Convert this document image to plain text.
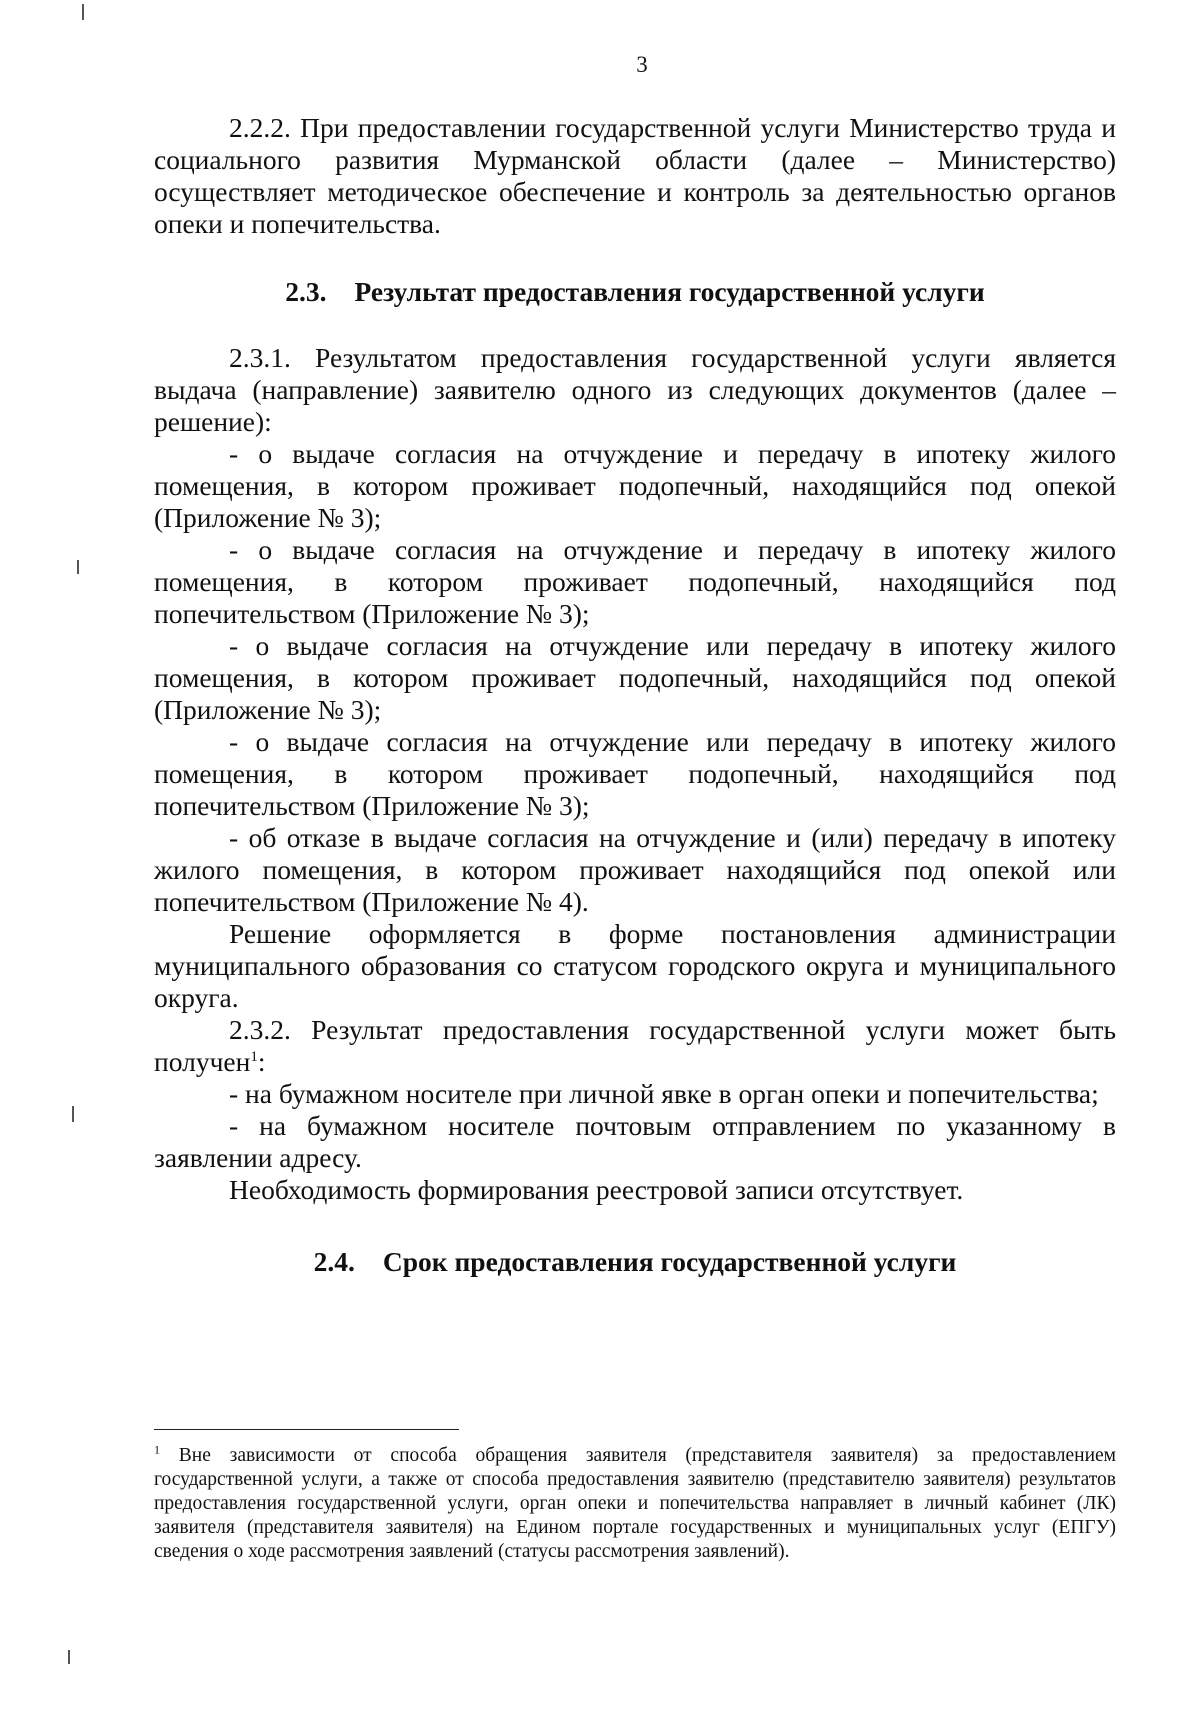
3

2.2.2. При предоставлении государственной услуги Министерство труда и социального развития Мурманской области (далее – Министерство) осуществляет методическое обеспечение и контроль за деятельностью органов опеки и попечительства.

2.3. Результат предоставления государственной услуги

2.3.1. Результатом предоставления государственной услуги является выдача (направление) заявителю одного из следующих документов (далее – решение):

- о выдаче согласия на отчуждение и передачу в ипотеку жилого помещения, в котором проживает подопечный, находящийся под опекой (Приложение № 3);

- о выдаче согласия на отчуждение и передачу в ипотеку жилого помещения, в котором проживает подопечный, находящийся под попечительством (Приложение № 3);

- о выдаче согласия на отчуждение или передачу в ипотеку жилого помещения, в котором проживает подопечный, находящийся под опекой (Приложение № 3);

- о выдаче согласия на отчуждение или передачу в ипотеку жилого помещения, в котором проживает подопечный, находящийся под попечительством (Приложение № 3);

- об отказе в выдаче согласия на отчуждение и (или) передачу в ипотеку жилого помещения, в котором проживает находящийся под опекой или попечительством (Приложение № 4).

Решение оформляется в форме постановления администрации муниципального образования со статусом городского округа и муниципального округа.

2.3.2. Результат предоставления государственной услуги может быть получен$^1$:

- на бумажном носителе при личной явке в орган опеки и попечительства;

- на бумажном носителе почтовым отправлением по указанному в заявлении адресу.

Необходимость формирования реестровой записи отсутствует.

2.4. Срок предоставления государственной услуги
$^1$ Вне зависимости от способа обращения заявителя (представителя заявителя) за предоставлением государственной услуги, а также от способа предоставления заявителю (представителю заявителя) результатов предоставления государственной услуги, орган опеки и попечительства направляет в личный кабинет (ЛК) заявителя (представителя заявителя) на Едином портале государственных и муниципальных услуг (ЕПГУ) сведения о ходе рассмотрения заявлений (статусы рассмотрения заявлений).
